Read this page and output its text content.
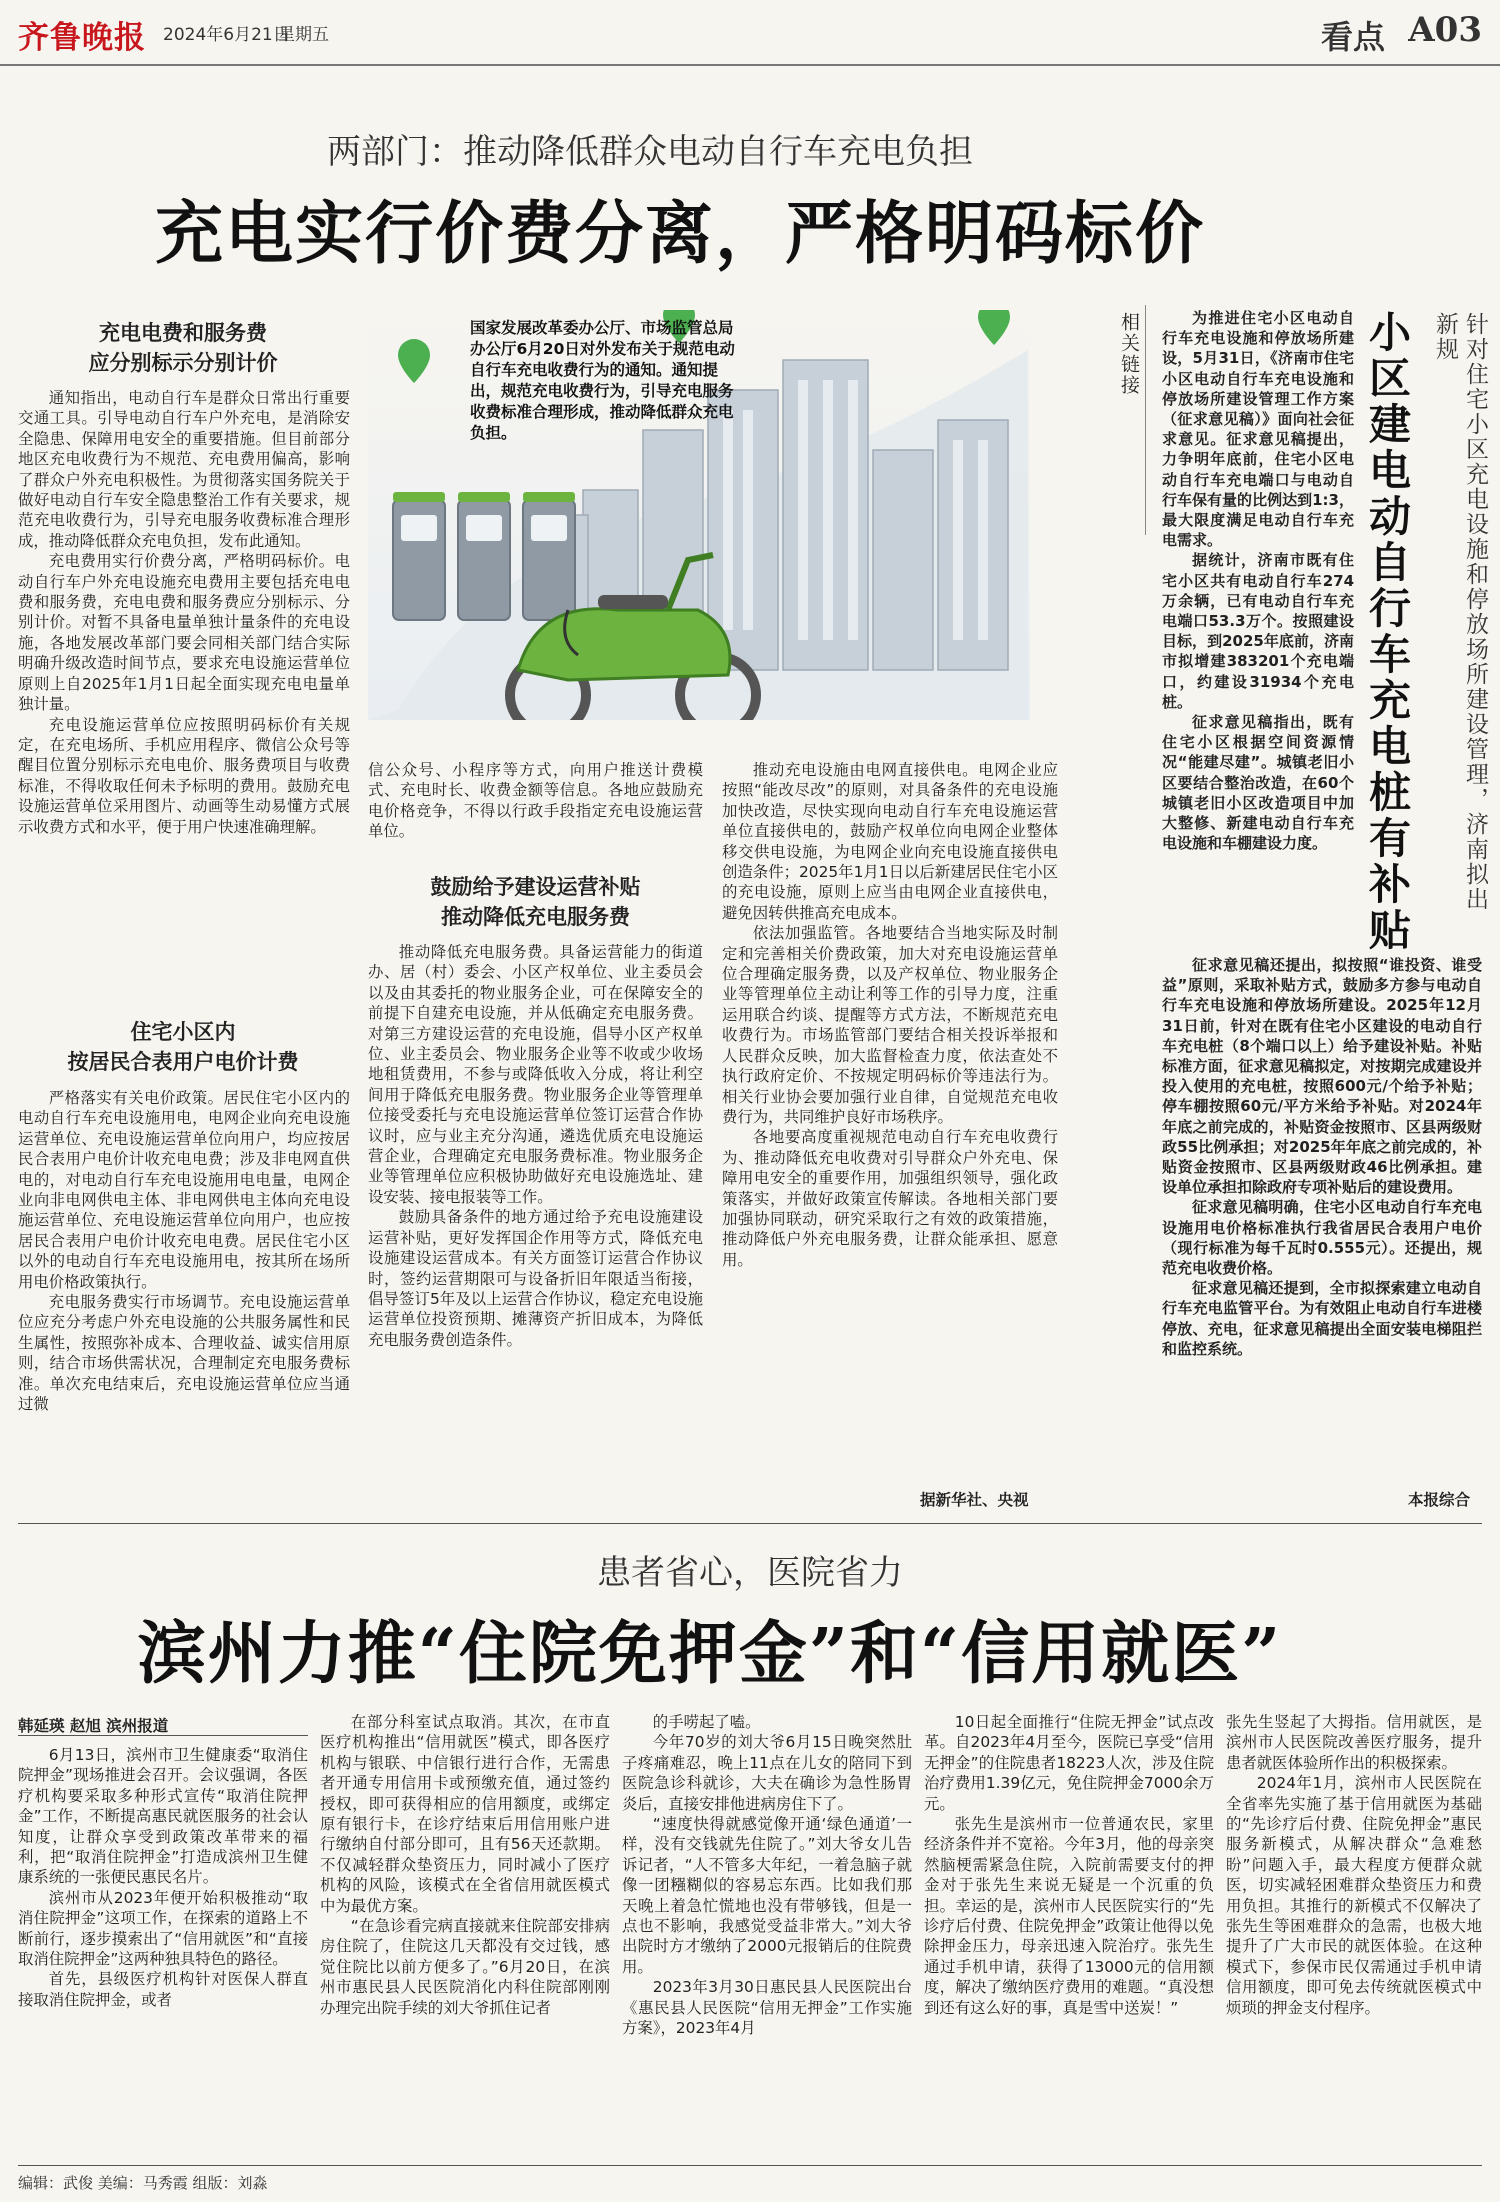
齐鲁晚报 2024年6月21日
星期五	看点 A03
两部门：推动降低群众电动自行车充电负担
充电实行价费分离，严格明码标价
充电电费和服务费
应分别标示分别计价

通知指出，电动自行车是群众日常出行重要交通工具。引导电动自行车户外充电，是消除安全隐患、保障用电安全的重要措施。但目前部分地区充电收费行为不规范、充电费用偏高，影响了群众户外充电积极性。为贯彻落实国务院关于做好电动自行车安全隐患整治工作有关要求，规范充电收费行为，引导充电服务收费标准合理形成，推动降低群众充电负担，发布此通知。

充电费用实行价费分离，严格明码标价。电动自行车户外充电设施充电费用主要包括充电电费和服务费，充电电费和服务费应分别标示、分别计价。对暂不具备电量单独计量条件的充电设施，各地发展改革部门要会同相关部门结合实际明确升级改造时间节点，要求充电设施运营单位原则上自2025年1月1日起全面实现充电电量单独计量。

充电设施运营单位应按照明码标价有关规定，在充电场所、手机应用程序、微信公众号等醒目位置分别标示充电电价、服务费项目与收费标准，不得收取任何未予标明的费用。鼓励充电设施运营单位采用图片、动画等生动易懂方式展示收费方式和水平，便于用户快速准确理解。

住宅小区内
按居民合表用户电价计费

严格落实有关电价政策。居民住宅小区内的电动自行车充电设施用电，电网企业向充电设施运营单位、充电设施运营单位向用户，均应按居民合表用户电价计收充电电费；涉及非电网直供电的，对电动自行车充电设施用电电量，电网企业向非电网供电主体、非电网供电主体向充电设施运营单位、充电设施运营单位向用户，也应按居民合表用户电价计收充电电费。居民住宅小区以外的电动自行车充电设施用电，按其所在场所用电价格政策执行。

充电服务费实行市场调节。充电设施运营单位应充分考虑户外充电设施的公共服务属性和民生属性，按照弥补成本、合理收益、诚实信用原则，结合市场供需状况，合理制定充电服务费标准。单次充电结束后，充电设施运营单位应当通过微

国家发展改革委办公厅、市场监管总局办公厅6月20日对外发布关于规范电动自行车充电收费行为的通知。通知提出，规范充电收费行为，引导充电服务收费标准合理形成，推动降低群众充电负担。

信公众号、小程序等方式，向用户推送计费模式、充电时长、收费金额等信息。各地应鼓励充电价格竞争，不得以行政手段指定充电设施运营单位。

鼓励给予建设运营补贴
推动降低充电服务费

推动降低充电服务费。具备运营能力的街道办、居（村）委会、小区产权单位、业主委员会以及由其委托的物业服务企业，可在保障安全的前提下自建充电设施，并从低确定充电服务费。对第三方建设运营的充电设施，倡导小区产权单位、业主委员会、物业服务企业等不收或少收场地租赁费用，不参与或降低收入分成，将让利空间用于降低充电服务费。物业服务企业等管理单位接受委托与充电设施运营单位签订运营合作协议时，应与业主充分沟通，遴选优质充电设施运营企业，合理确定充电服务费标准。物业服务企业等管理单位应积极协助做好充电设施选址、建设安装、接电报装等工作。

鼓励具备条件的地方通过给予充电设施建设运营补贴，更好发挥国企作用等方式，降低充电设施建设运营成本。有关方面签订运营合作协议时，签约运营期限可与设备折旧年限适当衔接，倡导签订5年及以上运营合作协议，稳定充电设施运营单位投资预期、摊薄资产折旧成本，为降低充电服务费创造条件。

推动充电设施由电网直接供电。电网企业应按照“能改尽改”的原则，对具备条件的充电设施加快改造，尽快实现向电动自行车充电设施运营单位直接供电的，鼓励产权单位向电网企业整体移交供电设施，为电网企业向充电设施直接供电创造条件；2025年1月1日以后新建居民住宅小区的充电设施，原则上应当由电网企业直接供电，避免因转供推高充电成本。

依法加强监管。各地要结合当地实际及时制定和完善相关价费政策，加大对充电设施运营单位合理确定服务费，以及产权单位、物业服务企业等管理单位主动让利等工作的引导力度，注重运用联合约谈、提醒等方式方法，不断规范充电收费行为。市场监管部门要结合相关投诉举报和人民群众反映，加大监督检查力度，依法查处不执行政府定价、不按规定明码标价等违法行为。相关行业协会要加强行业自律，自觉规范充电收费行为，共同维护良好市场秩序。

各地要高度重视规范电动自行车充电收费行为、推动降低充电收费对引导群众户外充电、保障用电安全的重要作用，加强组织领导，强化政策落实，并做好政策宣传解读。各地相关部门要加强协同联动，研究采取行之有效的政策措施，推动降低户外充电服务费，让群众能承担、愿意用。

据新华社、央视
相关链接	为推进住宅小区电动自行车充电设施和停放场所建设，5月31日，《济南市住宅小区电动自行车充电设施和停放场所建设管理工作方案（征求意见稿）》面向社会征求意见。征求意见稿提出，力争明年底前，住宅小区电动自行车充电端口与电动自行车保有量的比例达到1:3，最大限度满足电动自行车充电需求。

据统计，济南市既有住宅小区共有电动自行车274万余辆，已有电动自行车充电端口53.3万个。按照建设目标，到2025年底前，济南市拟增建383201个充电端口，约建设31934个充电桩。

征求意见稿指出，既有住宅小区根据空间资源情况“能建尽建”。城镇老旧小区要结合整治改造，在60个城镇老旧小区改造项目中加大整修、新建电动自行车充电设施和车棚建设力度。 小区建电动自行车充电桩有补贴	针对住宅小区充电设施和停放场所建设管理，济南拟出新规

征求意见稿还提出，拟按照“谁投资、谁受益”原则，采取补贴方式，鼓励多方参与电动自行车充电设施和停放场所建设。2025年12月31日前，针对在既有住宅小区建设的电动自行车充电桩（8个端口以上）给予建设补贴。补贴标准方面，征求意见稿拟定，对按期完成建设并投入使用的充电桩，按照600元/个给予补贴；停车棚按照60元/平方米给予补贴。对2024年年底之前完成的，补贴资金按照市、区县两级财政55比例承担；对2025年年底之前完成的，补贴资金按照市、区县两级财政46比例承担。建设单位承担扣除政府专项补贴后的建设费用。

征求意见稿明确，住宅小区电动自行车充电设施用电价格标准执行我省居民合表用户电价（现行标准为每千瓦时0.555元）。还提出，规范充电收费价格。

征求意见稿还提到，全市拟探索建立电动自行车充电监管平台。为有效阻止电动自行车进楼停放、充电，征求意见稿提出全面安装电梯阻拦和监控系统。

本报综合
患者省心，医院省力
滨州力推“住院免押金”和“信用就医”
韩延瑛 赵旭 滨州报道

6月13日，滨州市卫生健康委“取消住院押金”现场推进会召开。会议强调，各医疗机构要采取多种形式宣传“取消住院押金”工作，不断提高惠民就医服务的社会认知度，让群众享受到政策改革带来的福利，把“取消住院押金”打造成滨州卫生健康系统的一张便民惠民名片。

滨州市从2023年便开始积极推动“取消住院押金”这项工作，在探索的道路上不断前行，逐步摸索出了“信用就医”和“直接取消住院押金”这两种独具特色的路径。

首先，县级医疗机构针对医保人群直接取消住院押金，或者

在部分科室试点取消。其次，在市直医疗机构推出“信用就医”模式，即各医疗机构与银联、中信银行进行合作，无需患者开通专用信用卡或预缴充值，通过签约授权，即可获得相应的信用额度，或绑定原有银行卡，在诊疗结束后用信用账户进行缴纳自付部分即可，且有56天还款期。不仅减轻群众垫资压力，同时减小了医疗机构的风险，该模式在全省信用就医模式中为最优方案。

“在急诊看完病直接就来住院部安排病房住院了，住院这几天都没有交过钱，感觉住院比以前方便多了。”6月20日，在滨州市惠民县人民医院消化内科住院部刚刚办理完出院手续的刘大爷抓住记者

的手唠起了嗑。

今年70岁的刘大爷6月15日晚突然肚子疼痛难忍，晚上11点在儿女的陪同下到医院急诊科就诊，大夫在确诊为急性肠胃炎后，直接安排他进病房住下了。

“速度快得就感觉像开通‘绿色通道’一样，没有交钱就先住院了。”刘大爷女儿告诉记者，“人不管多大年纪，一着急脑子就像一团糨糊似的容易忘东西。比如我们那天晚上着急忙慌地也没有带够钱，但是一点也不影响，我感觉受益非常大。”刘大爷出院时方才缴纳了2000元报销后的住院费用。

2023年3月30日惠民县人民医院出台《惠民县人民医院“信用无押金”工作实施方案》，2023年4月

10日起全面推行“住院无押金”试点改革。自2023年4月至今，医院已享受“信用无押金”的住院患者18223人次，涉及住院治疗费用1.39亿元，免住院押金7000余万元。

张先生是滨州市一位普通农民，家里经济条件并不宽裕。今年3月，他的母亲突然脑梗需紧急住院，入院前需要支付的押金对于张先生来说无疑是一个沉重的负担。幸运的是，滨州市人民医院实行的“先诊疗后付费、住院免押金”政策让他得以免除押金压力，母亲迅速入院治疗。张先生通过手机申请，获得了13000元的信用额度，解决了缴纳医疗费用的难题。“真没想到还有这么好的事，真是雪中送炭！”

张先生竖起了大拇指。信用就医，是滨州市人民医院改善医疗服务，提升患者就医体验所作出的积极探索。

2024年1月，滨州市人民医院在全省率先实施了基于信用就医为基础的“先诊疗后付费、住院免押金”惠民服务新模式，从解决群众“急难愁盼”问题入手，最大程度方便群众就医，切实减轻困难群众垫资压力和费用负担。其推行的新模式不仅解决了张先生等困难群众的急需，也极大地提升了广大市民的就医体验。在这种模式下，参保市民仅需通过手机申请信用额度，即可免去传统就医模式中烦琐的押金支付程序。

编辑：武俊 美编：马秀霞 组版：刘淼
